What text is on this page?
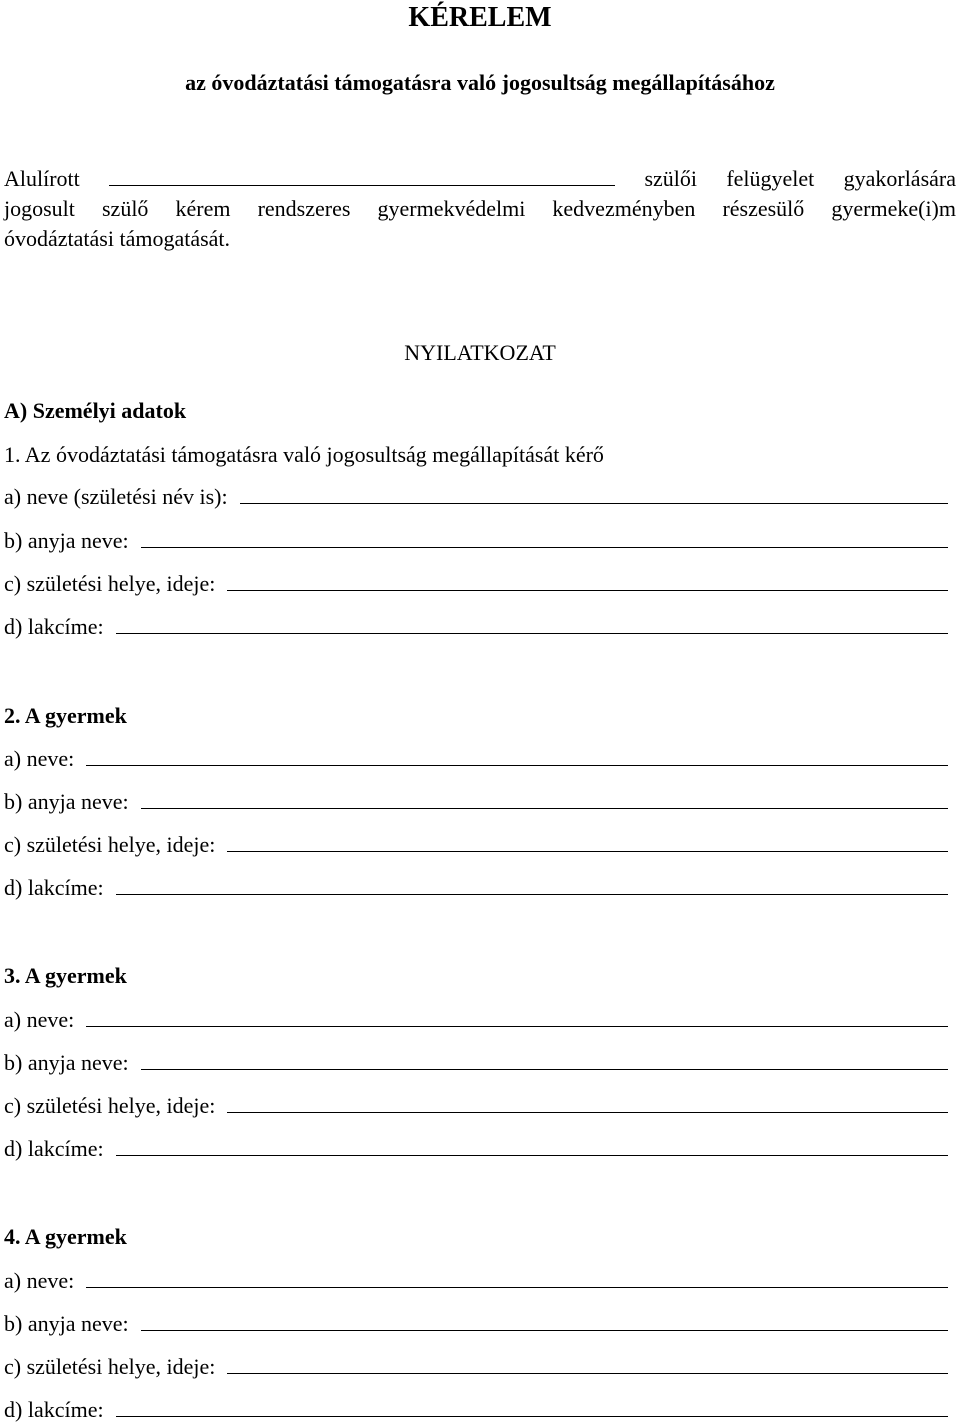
KÉRELEM
az óvodáztatási támogatásra való jogosultság megállapításához
Alulírott	szülői felügyelet gyakorlására
jogosult szülő kérem rendszeres gyermekvédelmi kedvezményben részesülő gyermeke(i)m
óvodáztatási támogatását.
NYILATKOZAT
A) Személyi adatok
1. Az óvodáztatási támogatásra való jogosultság megállapítását kérő
a) neve (születési név is):
b) anyja neve:
c) születési helye, ideje:
d) lakcíme:
2. A gyermek
a) neve:
b) anyja neve:
c) születési helye, ideje:
d) lakcíme:
3. A gyermek
a) neve:
b) anyja neve:
c) születési helye, ideje:
d) lakcíme:
4. A gyermek
a) neve:
b) anyja neve:
c) születési helye, ideje:
d) lakcíme:
